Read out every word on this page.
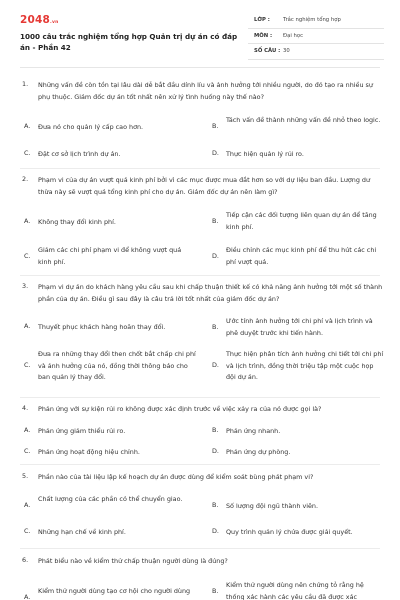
2048.vn
1000 câu trắc nghiệm tổng hợp Quản trị dự án có đáp án - Phần 42
LỚP : Trắc nghiệm tổng hợp
MÔN : Đại học
SỐ CÂU : 30
1. Những vấn đề còn tồn tại lâu dài dễ bắt đầu dính líu và ảnh hưởng tới nhiều người, do đó tạo ra nhiều sự phụ thuộc. Giám đốc dự án tốt nhất nên xử lý tình huống này thế nào?
A. Đưa nó cho quản lý cấp cao hơn.	B.
Tách vấn đề thành những vấn đề nhỏ theo logic.
C. Đặt cơ sở lịch trình dự án.	D. Thực hiện quản lý rủi ro.
2. Phạm vi của dự án vượt quá kinh phí bởi vì các mục được mua đắt hơn so với dự liệu ban đầu. Lượng dư thừa này sẽ vượt quá tổng kinh phí cho dự án. Giám đốc dự án nên làm gì?
A. Không thay đổi kinh phí.	B.
Tiếp cận các đối tượng liên quan dự án để tăng kinh phí.
C.
Giảm các chi phí phạm vi để không vượt quá kinh phí.
D.
Điều chỉnh các mục kinh phí để thu hút các chi phí vượt quá.
3. Phạm vi dự án do khách hàng yêu cầu sau khi chấp thuận thiết kế có khả năng ảnh hưởng tới một số thành phần của dự án. Điều gì sau đây là câu trả lời tốt nhất của giám đốc dự án?
A. Thuyết phục khách hàng hoãn thay đổi.	B.
Ước tính ảnh hưởng tới chi phí và lịch trình và phê duyệt trước khi tiến hành.
C.
Đưa ra những thay đổi then chốt bắt chấp chi phí và ảnh hưởng của nó, đồng thời thông báo cho ban quản lý thay đổi.
D.
Thực hiện phân tích ảnh hưởng chi tiết tới chi phí và lịch trình, đồng thời triệu tập một cuộc họp đội dự án.
4. Phản ứng với sự kiện rủi ro không được xác định trước về việc xảy ra của nó được gọi là?
A. Phản ứng giảm thiểu rủi ro.	B. Phản ứng nhanh.
C. Phản ứng hoạt động hiệu chỉnh.	D. Phản ứng dự phòng.
5. Phần nào của tài liệu lập kế hoạch dự án được dùng để kiểm soát bùng phát phạm vi?
A.
Chất lượng của các phần có thể chuyển giao.
B. Số lượng đội ngũ thành viên.
C. Những hạn chế về kinh phí.	D. Quy trình quản lý chứa được giải quyết.
6. Phát biểu nào về kiểm thử chấp thuận người dùng là đúng?
A.
Kiểm thử người dùng tạo cơ hội cho người dùng	B.
Kiểm thử người dùng nên chứng tỏ rằng hệ thống xác hành các yêu cầu đã được xác
